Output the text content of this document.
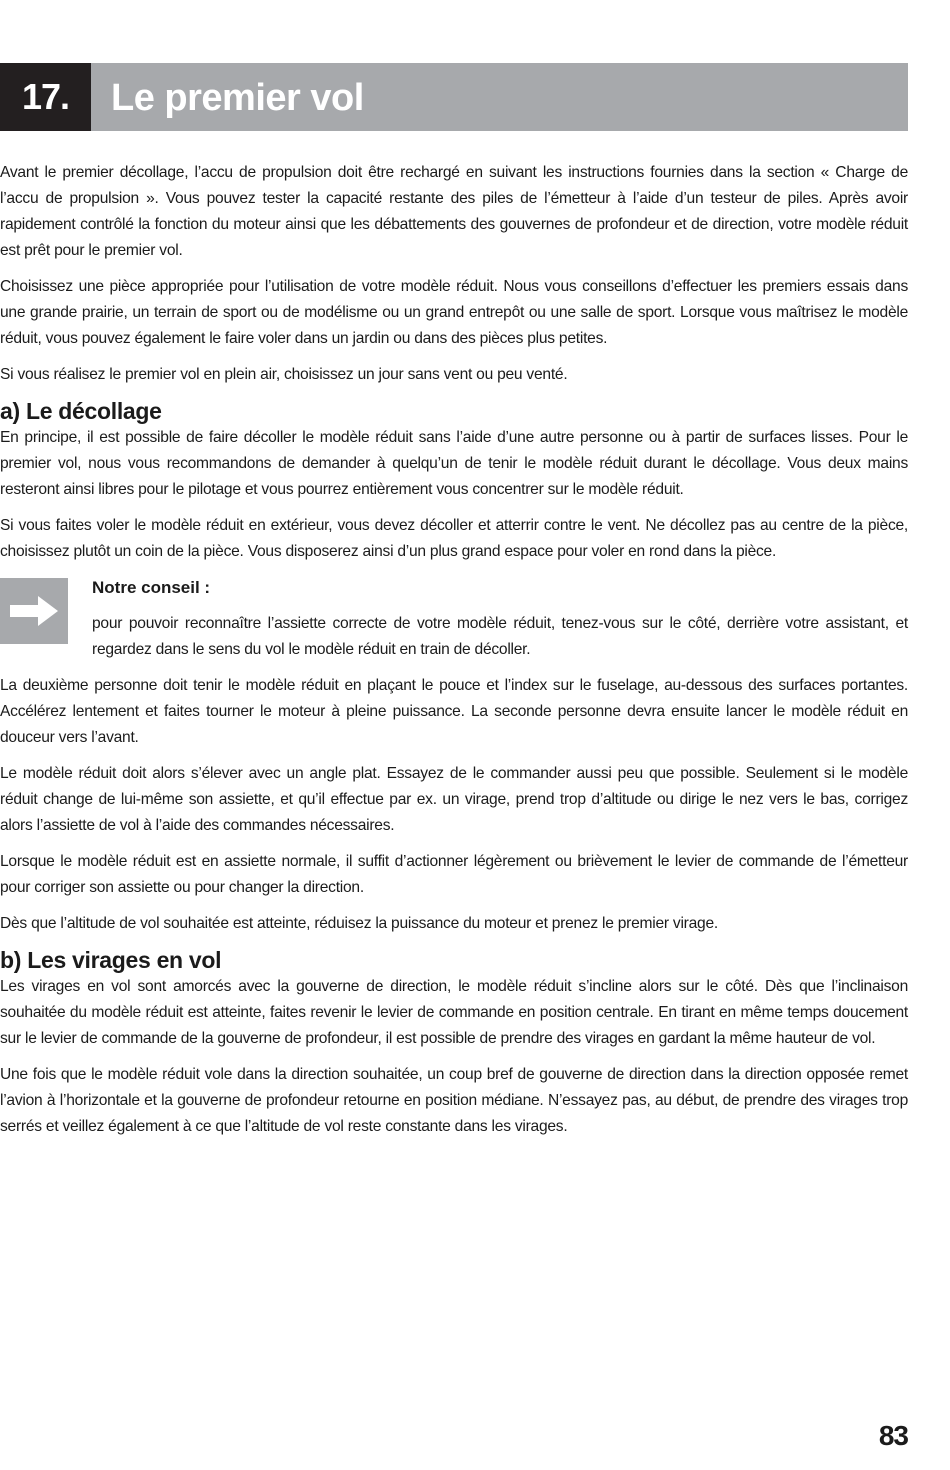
17.	Le premier vol

Avant le premier décollage, l’accu de propulsion doit être rechargé en suivant les instructions fournies dans la section « Charge de l’accu de propulsion ». Vous pouvez tester la capacité restante des piles de l’émetteur à l’aide d’un testeur de piles. Après avoir rapidement contrôlé la fonction du moteur ainsi que les débattements des gouvernes de profondeur et de direction, votre modèle réduit est prêt pour le premier vol.

Choisissez une pièce appropriée pour l’utilisation de votre modèle réduit. Nous vous conseillons d’effectuer les premiers essais dans une grande prairie, un terrain de sport ou de modélisme ou un grand entrepôt ou une salle de sport. Lorsque vous maîtrisez le modèle réduit, vous pouvez également le faire voler dans un jardin ou dans des pièces plus petites.

Si vous réalisez le premier vol en plein air, choisissez un jour sans vent ou peu venté.

a) Le décollage

En principe, il est possible de faire décoller le modèle réduit sans l’aide d’une autre personne ou à partir de surfaces lisses. Pour le premier vol, nous vous recommandons de demander à quelqu’un de tenir le modèle réduit durant le décollage. Vous deux mains resteront ainsi libres pour le pilotage et vous pourrez entièrement vous concentrer sur le modèle réduit.

Si vous faites voler le modèle réduit en extérieur, vous devez décoller et atterrir contre le vent. Ne décollez pas au centre de la pièce, choisissez plutôt un coin de la pièce. Vous disposerez ainsi d’un plus grand espace pour voler en rond dans la pièce.

Notre conseil :

pour pouvoir reconnaître l’assiette correcte de votre modèle réduit, tenez-vous sur le côté, derrière votre assistant, et regardez dans le sens du vol le modèle réduit en train de décoller.

La deuxième personne doit tenir le modèle réduit en plaçant le pouce et l’index sur le fuselage, au-dessous des surfaces portantes. Accélérez lentement et faites tourner le moteur à pleine puissance. La seconde personne devra ensuite lancer le modèle réduit en douceur vers l’avant.

Le modèle réduit doit alors s’élever avec un angle plat. Essayez de le commander aussi peu que possible. Seulement si le modèle réduit change de lui-même son assiette, et qu’il effectue par ex. un virage, prend trop d’altitude ou dirige le nez vers le bas, corrigez alors l’assiette de vol à l’aide des commandes nécessaires.

Lorsque le modèle réduit est en assiette normale, il suffit d’actionner légèrement ou brièvement le levier de commande de l’émetteur pour corriger son assiette ou pour changer la direction.

Dès que l’altitude de vol souhaitée est atteinte, réduisez la puissance du moteur et prenez le premier virage.

b) Les virages en vol

Les virages en vol sont amorcés avec la gouverne de direction, le modèle réduit s’incline alors sur le côté. Dès que l’inclinaison souhaitée du modèle réduit est atteinte, faites revenir le levier de commande en position centrale. En tirant en même temps doucement sur le levier de commande de la gouverne de profondeur, il est possible de prendre des virages en gardant la même hauteur de vol.

Une fois que le modèle réduit vole dans la direction souhaitée, un coup bref de gouverne de direction dans la direction opposée remet l’avion à l’horizontale et la gouverne de profondeur retourne en position médiane. N’essayez pas, au début, de prendre des virages trop serrés et veillez également à ce que l’altitude de vol reste constante dans les virages.

83
